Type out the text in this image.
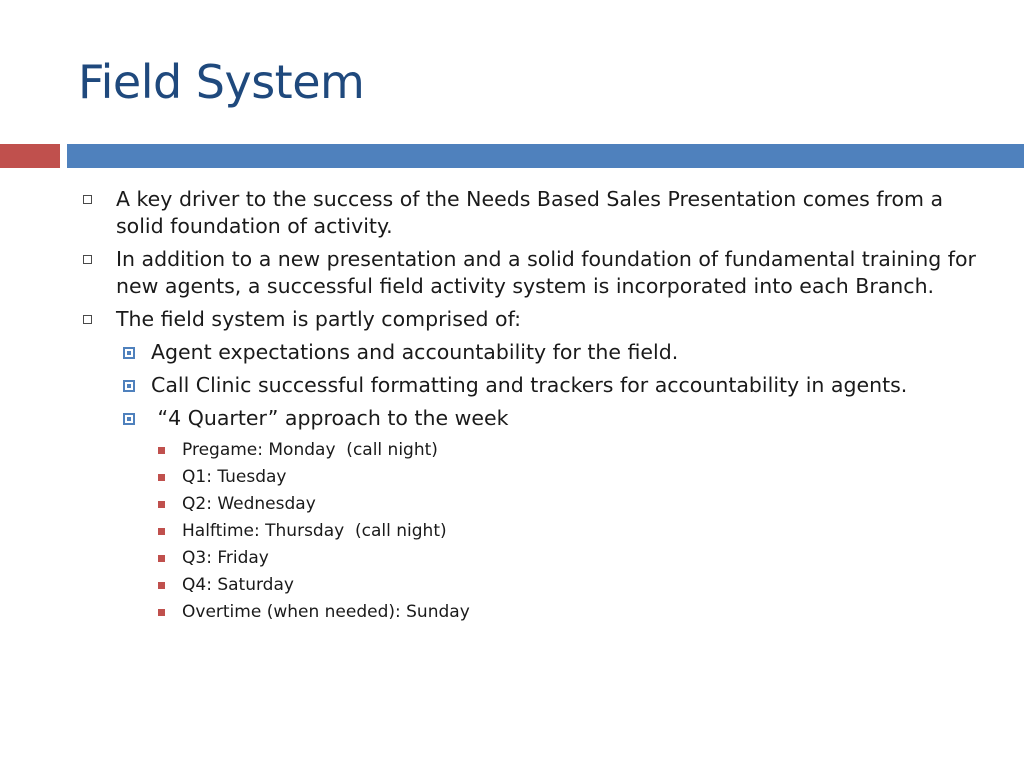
Field System
A key driver to the success of the Needs Based Sales Presentation comes from a solid foundation of activity.
In addition to a new presentation and a solid foundation of fundamental training for new agents, a successful field activity system is incorporated into each Branch.
The field system is partly comprised of:
Agent expectations and accountability for the field.
Call Clinic successful formatting and trackers for accountability in agents.
“4 Quarter” approach to the week
Pregame: Monday  (call night)
Q1: Tuesday
Q2: Wednesday
Halftime: Thursday  (call night)
Q3: Friday
Q4: Saturday
Overtime (when needed): Sunday
